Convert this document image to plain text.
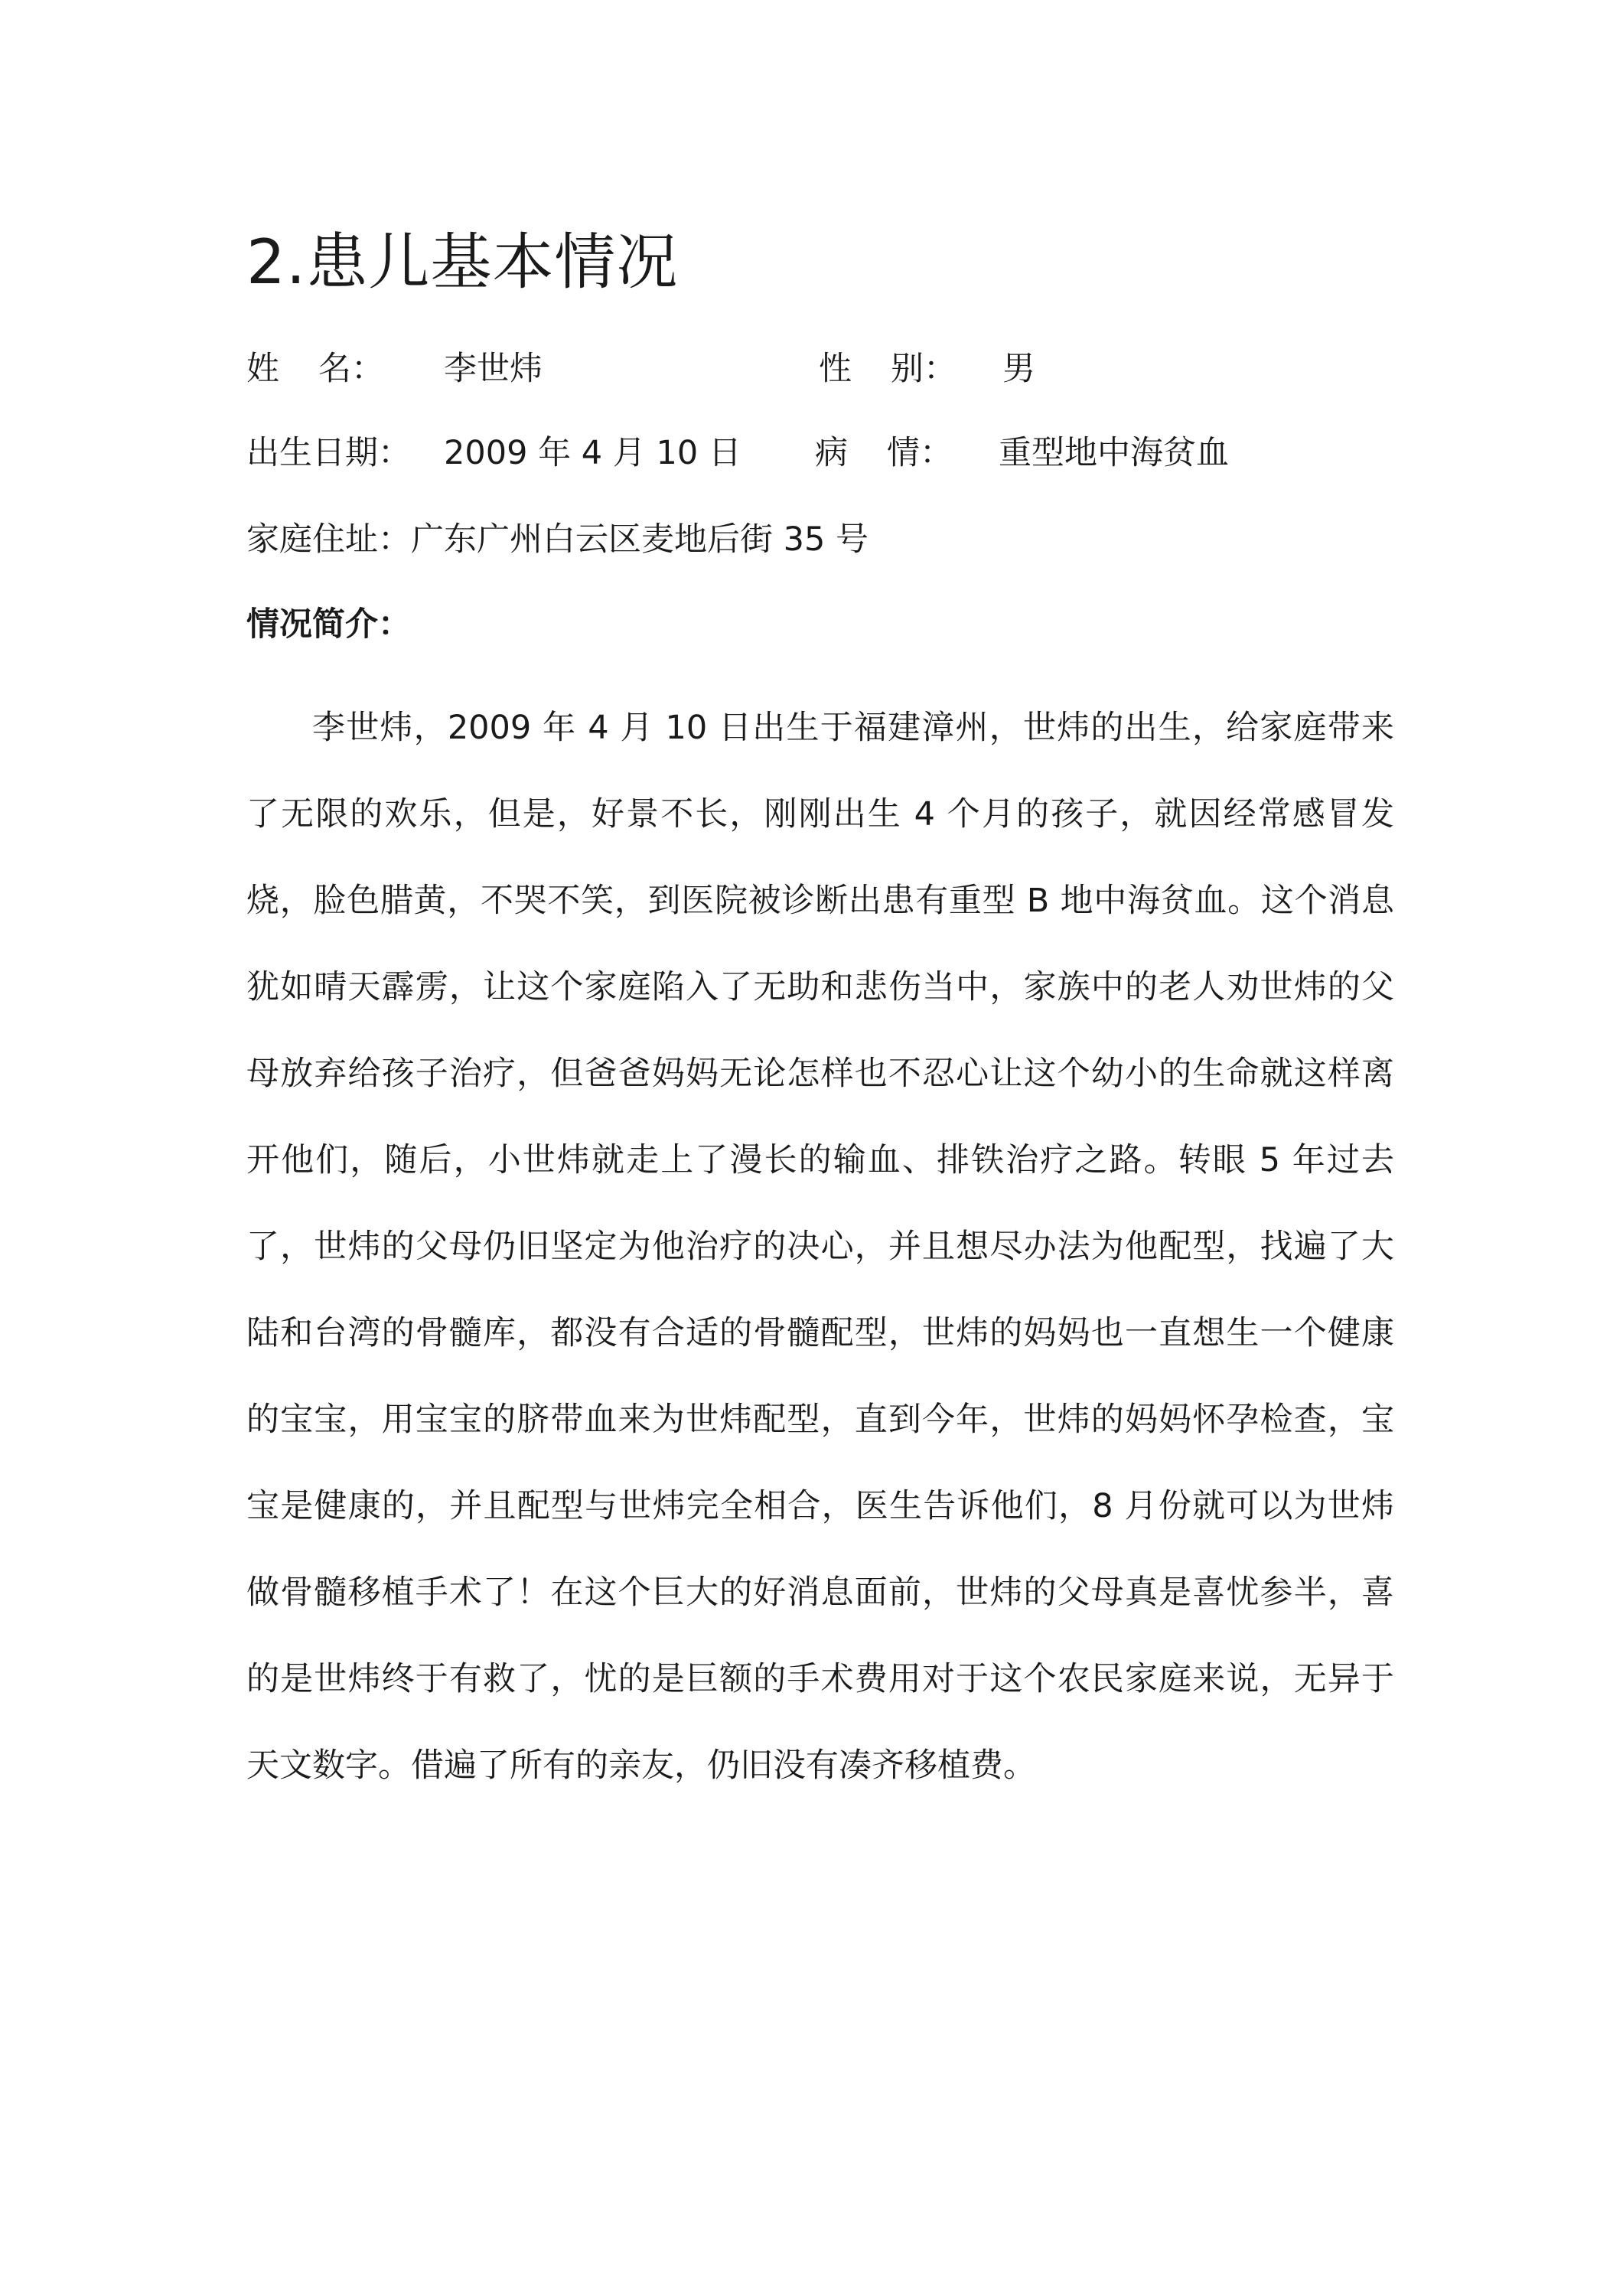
2.患儿基本情况
姓 名： 李世炜	性 别： 男
出生日期： 2009 年 4 月 10 日 病 情： 重型地中海贫血
家庭住址：广东广州白云区麦地后街 35 号
情况简介：

李世炜，2009 年 4 月 10 日出生于福建漳州，世炜的出生，给家庭带来了无限的欢乐，但是，好景不长，刚刚出生 4 个月的孩子，就因经常感冒发烧，脸色腊黄，不哭不笑，到医院被诊断出患有重型 B 地中海贫血。这个消息犹如晴天霹雳，让这个家庭陷入了无助和悲伤当中，家族中的老人劝世炜的父母放弃给孩子治疗，但爸爸妈妈无论怎样也不忍心让这个幼小的生命就这样离开他们，随后，小世炜就走上了漫长的输血、排铁治疗之路。转眼 5 年过去了，世炜的父母仍旧坚定为他治疗的决心，并且想尽办法为他配型，找遍了大陆和台湾的骨髓库，都没有合适的骨髓配型，世炜的妈妈也一直想生一个健康的宝宝，用宝宝的脐带血来为世炜配型，直到今年，世炜的妈妈怀孕检查，宝宝是健康的，并且配型与世炜完全相合，医生告诉他们，8 月份就可以为世炜做骨髓移植手术了！在这个巨大的好消息面前，世炜的父母真是喜忧参半，喜的是世炜终于有救了，忧的是巨额的手术费用对于这个农民家庭来说，无异于天文数字。借遍了所有的亲友，仍旧没有凑齐移植费。
